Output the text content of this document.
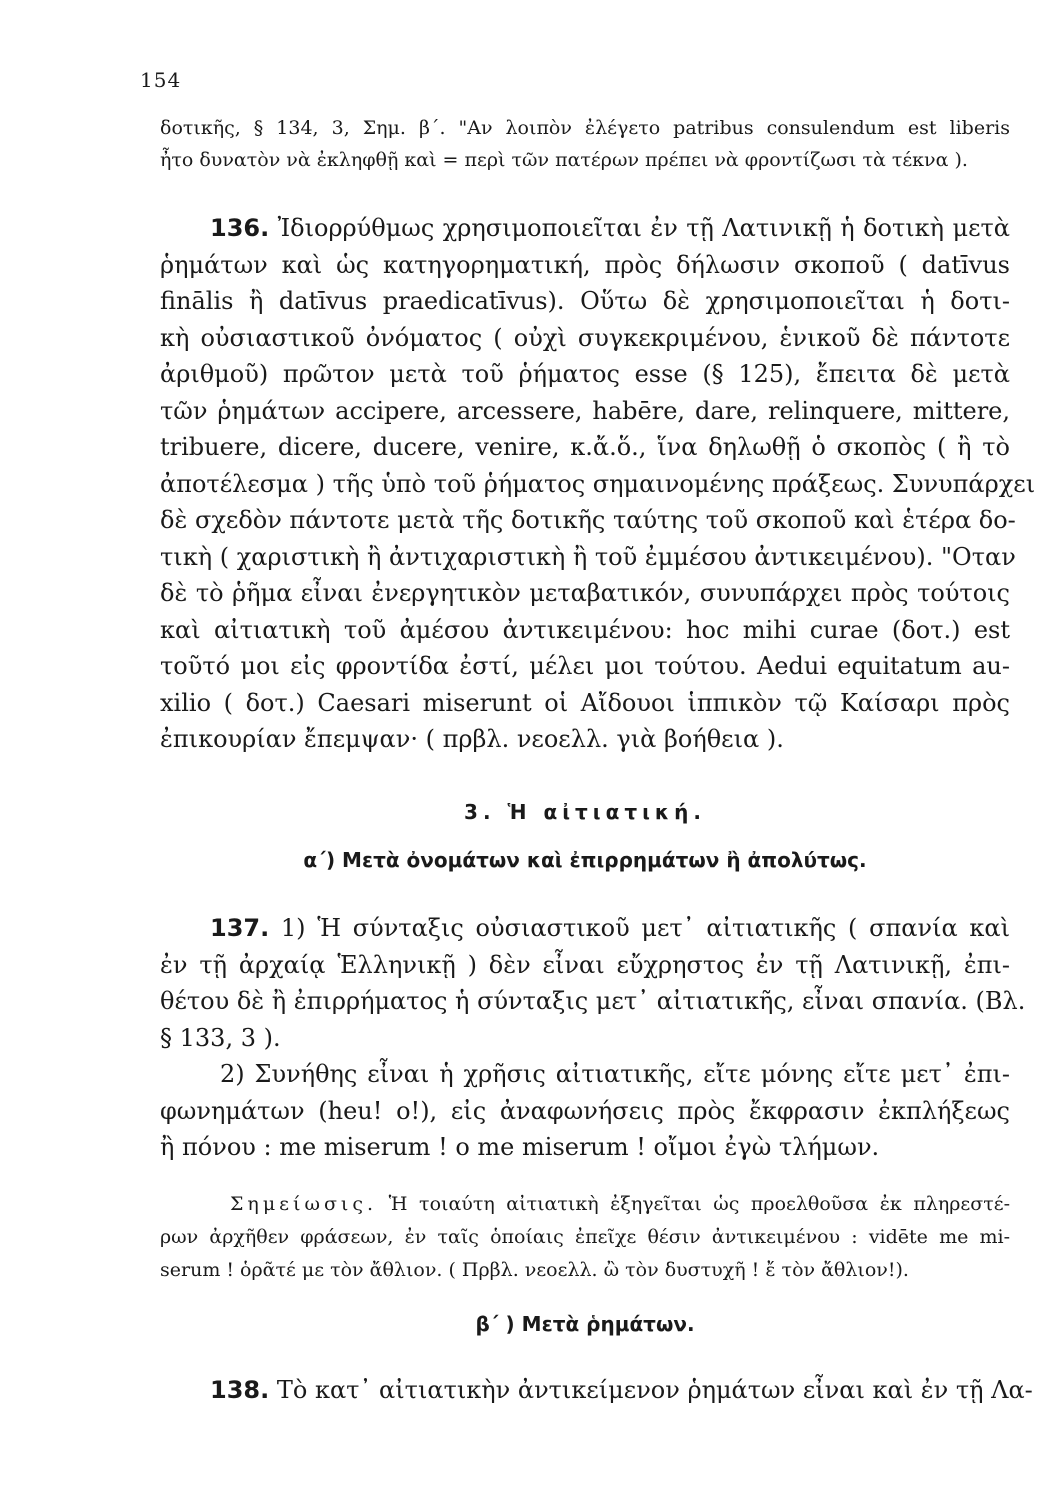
154
δοτικῆς, § 134, 3, Σημ. β΄. "Αν λοιπὸν ἐλέγετο patribus consulendum est liberis
ἦτο δυνατὸν νὰ ἐκληφθῇ καὶ = περὶ τῶν πατέρων πρέπει νὰ φροντίζωσι τὰ τέκνα ).
136. Ἰδιορρύθμως χρησιμοποιεῖται ἐν τῇ Λατινικῇ ἡ δοτικὴ μετὰ
ῥημάτων καὶ ὡς κατηγορηματική, πρὸς δήλωσιν σκοποῦ ( datīvus
finālis ἢ datīvus praedicatīvus). Οὕτω δὲ χρησιμοποιεῖται ἡ δοτι-
κὴ οὐσιαστικοῦ ὀνόματος ( οὐχὶ συγκεκριμένου, ἑνικοῦ δὲ πάντοτε
ἀριθμοῦ) πρῶτον μετὰ τοῦ ῥήματος esse (§ 125), ἔπειτα δὲ μετὰ
τῶν ῥημάτων accipere, arcessere, habēre, dare, relinquere, mittere,
tribuere, dicere, ducere, venire, κ.ἄ.ὅ., ἵνα δηλωθῇ ὁ σκοπὸς ( ἢ τὸ
ἀποτέλεσμα ) τῆς ὑπὸ τοῦ ῥήματος σημαινομένης πράξεως. Συνυπάρχει
δὲ σχεδὸν πάντοτε μετὰ τῆς δοτικῆς ταύτης τοῦ σκοποῦ καὶ ἑτέρα δο-
τικὴ ( χαριστικὴ ἢ ἀντιχαριστικὴ ἢ τοῦ ἐμμέσου ἀντικειμένου). "Οταν
δὲ τὸ ῥῆμα εἶναι ἐνεργητικὸν μεταβατικόν, συνυπάρχει πρὸς τούτοις
καὶ αἰτιατικὴ τοῦ ἀμέσου ἀντικειμένου: hoc mihi curae (δοτ.) est
τοῦτό μοι εἰς φροντίδα ἐστί, μέλει μοι τούτου. Aedui equitatum au-
xilio ( δοτ.) Caesari miserunt οἱ Αἴδουοι ἱππικὸν τῷ Καίσαρι πρὸς
ἐπικουρίαν ἔπεμψαν· ( πρβλ. νεοελλ. γιὰ βοήθεια ).
3. Ἡ αἰτιατική.
α΄) Μετὰ ὀνομάτων καὶ ἐπιρρημάτων ἢ ἀπολύτως.
137. 1) Ἡ σύνταξις οὐσιαστικοῦ μετ᾽ αἰτιατικῆς ( σπανία καὶ
ἐν τῇ ἀρχαίᾳ Ἑλληνικῇ ) δὲν εἶναι εὔχρηστος ἐν τῇ Λατινικῇ, ἐπι-
θέτου δὲ ἢ ἐπιρρήματος ἡ σύνταξις μετ᾽ αἰτιατικῆς, εἶναι σπανία. (Βλ.
§ 133, 3 ).
2) Συνήθης εἶναι ἡ χρῆσις αἰτιατικῆς, εἴτε μόνης εἴτε μετ᾽ ἐπι-
φωνημάτων (heu! o!), εἰς ἀναφωνήσεις πρὸς ἔκφρασιν ἐκπλήξεως
ἢ πόνου : me miserum ! o me miserum ! οἴμοι ἐγὼ τλήμων.
Σημείωσις. Ἡ τοιαύτη αἰτιατικὴ ἐξηγεῖται ὡς προελθοῦσα ἐκ πληρεστέ-
ρων ἀρχῆθεν φράσεων, ἐν ταῖς ὁποίαις ἐπεῖχε θέσιν ἀντικειμένου : vidēte me mi-
serum ! ὁρᾶτέ με τὸν ἄθλιον. ( Πρβλ. νεοελλ. ὢ τὸν δυστυχῆ ! ἔ τὸν ἄθλιον!).
β΄ ) Μετὰ ῥημάτων.
138. Τὸ κατ᾽ αἰτιατικὴν ἀντικείμενον ῥημάτων εἶναι καὶ ἐν τῇ Λα-
